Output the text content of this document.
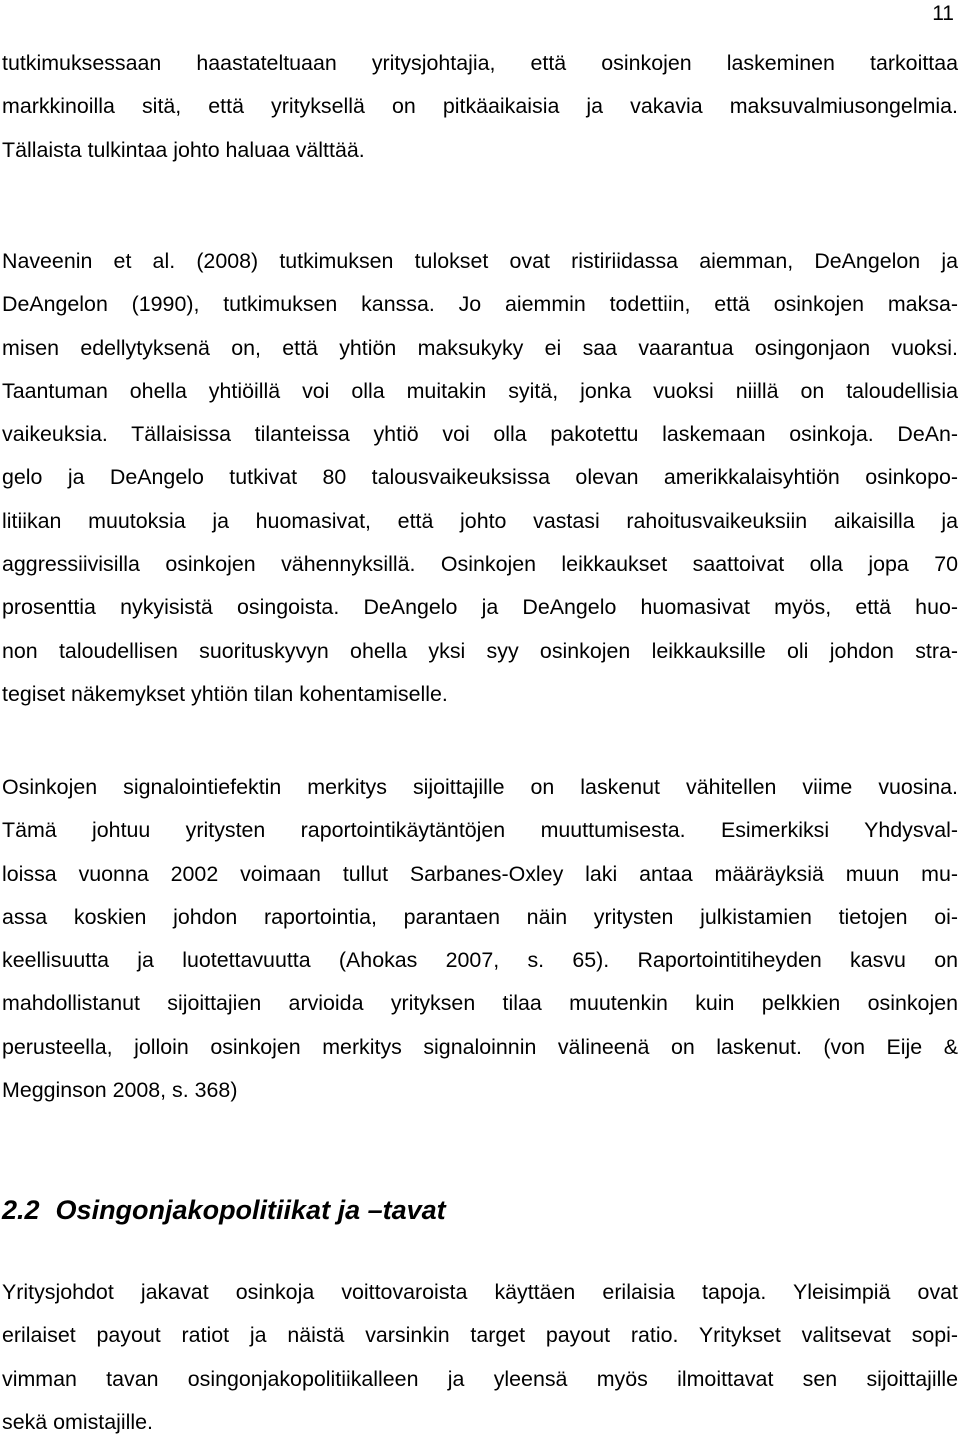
11

tutkimuksessaan haastateltuaan yritysjohtajia, että osinkojen laskeminen tarkoittaa
markkinoilla sitä, että yrityksellä on pitkäaikaisia ja vakavia maksuvalmiusongelmia.
Tällaista tulkintaa johto haluaa välttää.

Naveenin et al. (2008) tutkimuksen tulokset ovat ristiriidassa aiemman, DeAngelon ja
DeAngelon (1990), tutkimuksen kanssa. Jo aiemmin todettiin, että osinkojen maksa-
misen edellytyksenä on, että yhtiön maksukyky ei saa vaarantua osingonjaon vuoksi.
Taantuman ohella yhtiöillä voi olla muitakin syitä, jonka vuoksi niillä on taloudellisia
vaikeuksia. Tällaisissa tilanteissa yhtiö voi olla pakotettu laskemaan osinkoja. DeAn-
gelo ja DeAngelo tutkivat 80 talousvaikeuksissa olevan amerikkalaisyhtiön osinkopo-
litiikan muutoksia ja huomasivat, että johto vastasi rahoitusvaikeuksiin aikaisilla ja
aggressiivisilla osinkojen vähennyksillä. Osinkojen leikkaukset saattoivat olla jopa 70
prosenttia nykyisistä osingoista. DeAngelo ja DeAngelo huomasivat myös, että huo-
non taloudellisen suorituskyvyn ohella yksi syy osinkojen leikkauksille oli johdon stra-
tegiset näkemykset yhtiön tilan kohentamiselle.

Osinkojen signalointiefektin merkitys sijoittajille on laskenut vähitellen viime vuosina.
Tämä johtuu yritysten raportointikäytäntöjen muuttumisesta. Esimerkiksi Yhdysval-
loissa vuonna 2002 voimaan tullut Sarbanes-Oxley laki antaa määräyksiä muun mu-
assa koskien johdon raportointia, parantaen näin yritysten julkistamien tietojen oi-
keellisuutta ja luotettavuutta (Ahokas 2007, s. 65). Raportointitiheyden kasvu on
mahdollistanut sijoittajien arvioida yrityksen tilaa muutenkin kuin pelkkien osinkojen
perusteella, jolloin osinkojen merkitys signaloinnin välineenä on laskenut. (von Eije &
Megginson 2008, s. 368)

2.2 Osingonjakopolitiikat ja –tavat

Yritysjohdot jakavat osinkoja voittovaroista käyttäen erilaisia tapoja. Yleisimpiä ovat
erilaiset payout ratiot ja näistä varsinkin target payout ratio. Yritykset valitsevat sopi-
vimman tavan osingonjakopolitiikalleen ja yleensä myös ilmoittavat sen sijoittajille
sekä omistajille.
